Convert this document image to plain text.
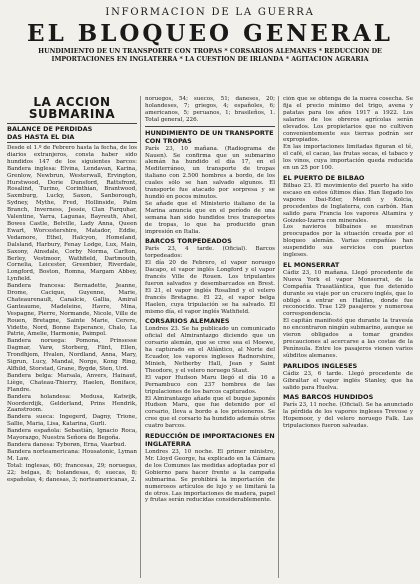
INFORMACION DE LA GUERRA
EL BLOQUEO GENERAL
HUNDIMIENTO DE UN TRANSPORTE CON TROPAS * CORSARIOS ALEMANES * REDUCCION DE IMPORTACIONES EN INGLATERRA * LA CUESTION DE IRLANDA * AGITACION AGRARIA
LA ACCIÓN
SUBMARINA
BALANCE DE PERDIDAS
DAS HASTA EL DIA

Desde el 1.º de Febrero hasta la fecha, de los diarios extranjeros, consta haber sido hundidos 147 de los siguientes barcos: Bandera inglesa: Elvina, Lendavan, Karina, Grenlow, Newbrun, Westerwall, Ervington, Hurstwood, Dorie Dunsford, Rattsfront, Rosalind, Turino, Corinthian, Brantwood, Saxmburg, Lucky, Saxon, Sanborough, Sydney, Mythe, Fred, Hollinside, Palm Branch, Inverness, Jessie, Clan Farquhar, Valentine, Yarra, Lagunas, Bayreuth, Ahel, Bowes Castle, Belville, Lady Anna, Queen Ewart, Worcestershire, Matador, Eddie, Vedamore, Ethel, Halcyon, Homeland, Dalsland, Harbury, Fenay Lodge, Lux, Main, Saxony, Ainsdale, Corby Norma, Carlton, Berley, Vestmoor, Wathfield, Dartmouth, Cornelia, Leicester, Greenbier, Riverdale, Longford, Boston, Romna, Margam Abbey, Lynfield.

Bandera francesa: Bernadette, Jeanne, Drome, Cacique, Guyenne, Marie, Chateaurenault, Canalcie, Gallia, Amiral Ganteaume, Madeleine, Havre, Mina, Vespagne, Pierre, Normande, Nicole, Ville de Rouen, Bretagne, Sainte Marie, Cerere, Vidette, Nord, Bonne Esperance, Chalo, La Patrie, Amelie, Harmonie, Paimpol.

Bandera noruega: Pomona, Prinsesse Dagmar, Varø, Storberg, Flint, Ellen, Trondhjem, Hvalen, Nordland, Anna, Mary, Sigrun, Lucy, Mandal, Norge, Kong Ring, Alfhild, Storstad, Grane, Bygdø, Sten, Urd.

Bandera belga: Marsala, Anvers, Hainaut, Liège, Chateau-Thierry, Haelen, Boniface, Flandre.

Bandera holandesa: Medusa, Katwijk, Noorderdijk, Gelderland, Prins Hendrik, Zaanstroom.

Bandera sueca: Ingegerd, Dagny, Trione, Sallie, Maria, Lisa, Katarina, Gurli.

Bandera española: Sebastián, Ignacio Roca, Mayorazgo, Nuestra Señora de Begoña.

Bandera danesa: Tyborøn, Erna, Vaarbud.

Bandera norteamericana: Housatonic, Lyman M. Law.

Total: inglesas, 60; francesas, 29; noruegas, 22; belgas, 8; holandesas, 6; suecas, 8; españolas, 4; danesas, 3; norteamericanas, 2.

noruegos, 54; suecos, 51; daneses, 20; holandeses, 7; griegos, 4; españoles, 6; americanos, 5; peruanos, 1; brasileños, 1. Total general, 226.

HUNDIMIENTO DE UN TRANSPORTE CON TROPAS

París 23, 10 mañana. (Radiograma de Nauen). Se confirma que un submarino alemán ha hundido el día 17, en el Mediterráneo, un transporte de tropas italiano con 2.500 hombres a bordo, de los cuales sólo se han salvado algunos. El transporte fue atacado por sorpresa y se hundió en pocos minutos.

Se añade que el Ministerio italiano de la Marina anuncia que en el período de una semana han sido hundidos tres transportes de tropas, lo que ha producido gran impresión en Italia.

BARCOS TORPEDEADOS

París 23, 4 tarde. (Oficial). Barcos torpedeados:

El día 20 de Febrero, el vapor noruego Dacapo, el vapor inglés Longford y el vapor francés Ville de Rouen. Los tripulantes fueron salvados y desembarcados en Brest. El 21, el vapor inglés Rosalind y el velero francés Bretagne. El 22, el vapor belga Haelen, cuya tripulación se ha salvado. El mismo día, el vapor inglés Wathfield.

CORSARIOS ALEMANES

Londres 23. Se ha publicado un comunicado oficial del Almirantazgo diciendo que un corsario alemán, que se cree sea el Moewe, ha capturado en el Atlántico, al Norte del Ecuador, los vapores ingleses Radnorshire, Minieh, Netherby Hall, Jean y Saint Theodore, y el velero noruego Staut.

El vapor Hudson Maru llegó el día 16 a Pernambuco con 237 hombres de las tripulaciones de los barcos capturados.

El Almirantazgo añade que el buque japonés Hudson Maru, que fue detenido por el corsario, lleva a bordo a los prisioneros. Se cree que el corsario ha hundido además otros cuatro barcos.

REDUCCIÓN DE IMPORTACIONES EN INGLATERRA

Londres 23, 10 noche. El primer ministro, Mr. Lloyd George, ha explicado en la Cámara de los Comunes las medidas adoptadas por el Gobierno para hacer frente a la campaña submarina. Se prohibirá la importación de numerosos artículos de lujo y se limitará la de otros. Las importaciones de madera, papel y frutas serán reducidas considerablemente.

ción que se obtenga de la nueva cosecha. Se fija el precio mínimo del trigo, avena y patatas para los años 1917 a 1922. Los salarios de los obreros agrícolas serán elevados. Los propietarios que no cultiven convenientemente sus tierras podrán ser expropiados.

En las importaciones limitadas figuran el té, el café, el cacao, las frutas secas, el tabaco y los vinos, cuya importación queda reducida en un 25 por 100.

EL PUERTO DE BILBAO

Bilbao 23. El movimiento del puerto ha sido escaso en estos últimos días. Han llegado los vapores Ibai-Eder, Mendi y Kolcia, procedentes de Inglaterra, con carbón. Han salido para Francia los vapores Altamira y Goizeko-Izarra con minerales.

Los navieros bilbaínos se muestran preocupados por la situación creada por el bloqueo alemán. Varias compañías han suspendido sus servicios con puertos ingleses.

EL MONSERRAT

Cádiz 23, 10 mañana. Llegó procedente de Nueva York el vapor Monserrat, de la Compañía Trasatlántica, que fue detenido durante su viaje por un crucero inglés, que lo obligó a entrar en Halifax, donde fue reconocido. Trae 129 pasajeros y numerosa correspondencia.

El capitán manifestó que durante la travesía no encontraron ningún submarino, aunque se vieron obligados a tomar grandes precauciones al acercarse a las costas de la Península. Entre los pasajeros vienen varios súbditos alemanes.

PARLIDOS INGLESES

Cádiz 23, 6 tarde. Llegó procedente de Gibraltar el vapor inglés Stanley, que ha salido para Huelva.

MAS BARCOS HUNDIDOS

París 23, 11 noche. (Oficial). Se ha anunciado la pérdida de los vapores ingleses Trevose y Hopemoor, y del velero noruego Falk. Las tripulaciones fueron salvadas.
